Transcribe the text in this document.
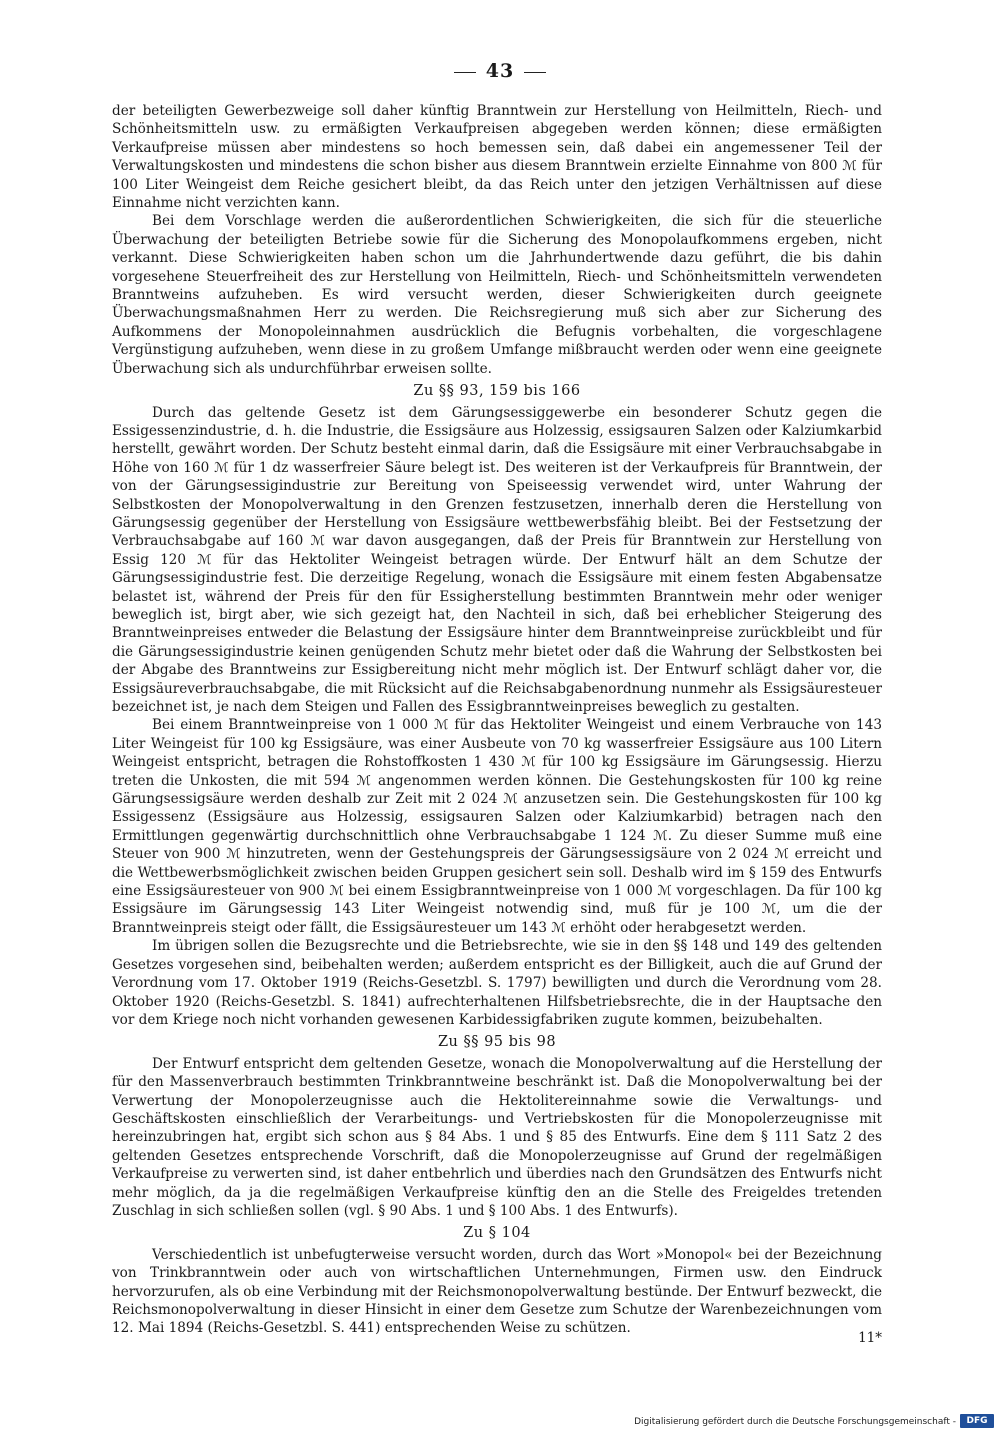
43

der beteiligten Gewerbezweige soll daher künftig Branntwein zur Herstellung von Heilmitteln, Riech- und Schönheitsmitteln usw. zu ermäßigten Verkaufpreisen abgegeben werden können; diese ermäßigten Verkaufpreise müssen aber mindestens so hoch bemessen sein, daß dabei ein angemessener Teil der Verwaltungskosten und mindestens die schon bisher aus diesem Branntwein erzielte Einnahme von 800 ℳ für 100 Liter Weingeist dem Reiche gesichert bleibt, da das Reich unter den jetzigen Verhältnissen auf diese Einnahme nicht verzichten kann.

Bei dem Vorschlage werden die außerordentlichen Schwierigkeiten, die sich für die steuerliche Überwachung der beteiligten Betriebe sowie für die Sicherung des Monopolaufkommens ergeben, nicht verkannt. Diese Schwierigkeiten haben schon um die Jahrhundertwende dazu geführt, die bis dahin vorgesehene Steuerfreiheit des zur Herstellung von Heilmitteln, Riech- und Schönheitsmitteln verwendeten Branntweins aufzuheben. Es wird versucht werden, dieser Schwierigkeiten durch geeignete Überwachungsmaßnahmen Herr zu werden. Die Reichsregierung muß sich aber zur Sicherung des Aufkommens der Monopoleinnahmen ausdrücklich die Befugnis vorbehalten, die vorgeschlagene Vergünstigung aufzuheben, wenn diese in zu großem Umfange mißbraucht werden oder wenn eine geeignete Überwachung sich als undurchführbar erweisen sollte.

Zu §§ 93, 159 bis 166

Durch das geltende Gesetz ist dem Gärungsessiggewerbe ein besonderer Schutz gegen die Essigessenzindustrie, d. h. die Industrie, die Essigsäure aus Holzessig, essigsauren Salzen oder Kalziumkarbid herstellt, gewährt worden. Der Schutz besteht einmal darin, daß die Essigsäure mit einer Verbrauchsabgabe in Höhe von 160 ℳ für 1 dz wasserfreier Säure belegt ist. Des weiteren ist der Verkaufpreis für Branntwein, der von der Gärungsessigindustrie zur Bereitung von Speiseessig verwendet wird, unter Wahrung der Selbstkosten der Monopolverwaltung in den Grenzen festzusetzen, innerhalb deren die Herstellung von Gärungsessig gegenüber der Herstellung von Essigsäure wettbewerbsfähig bleibt. Bei der Festsetzung der Verbrauchsabgabe auf 160 ℳ war davon ausgegangen, daß der Preis für Branntwein zur Herstellung von Essig 120 ℳ für das Hektoliter Weingeist betragen würde. Der Entwurf hält an dem Schutze der Gärungsessigindustrie fest. Die derzeitige Regelung, wonach die Essigsäure mit einem festen Abgabensatze belastet ist, während der Preis für den für Essigherstellung bestimmten Branntwein mehr oder weniger beweglich ist, birgt aber, wie sich gezeigt hat, den Nachteil in sich, daß bei erheblicher Steigerung des Branntweinpreises entweder die Belastung der Essigsäure hinter dem Branntweinpreise zurückbleibt und für die Gärungsessigindustrie keinen genügenden Schutz mehr bietet oder daß die Wahrung der Selbstkosten bei der Abgabe des Branntweins zur Essigbereitung nicht mehr möglich ist. Der Entwurf schlägt daher vor, die Essigsäureverbrauchsabgabe, die mit Rücksicht auf die Reichsabgabenordnung nunmehr als Essigsäuresteuer bezeichnet ist, je nach dem Steigen und Fallen des Essigbranntweinpreises beweglich zu gestalten.

Bei einem Branntweinpreise von 1 000 ℳ für das Hektoliter Weingeist und einem Verbrauche von 143 Liter Weingeist für 100 kg Essigsäure, was einer Ausbeute von 70 kg wasserfreier Essigsäure aus 100 Litern Weingeist entspricht, betragen die Rohstoffkosten 1 430 ℳ für 100 kg Essigsäure im Gärungsessig. Hierzu treten die Unkosten, die mit 594 ℳ angenommen werden können. Die Gestehungskosten für 100 kg reine Gärungsessigsäure werden deshalb zur Zeit mit 2 024 ℳ anzusetzen sein. Die Gestehungskosten für 100 kg Essigessenz (Essigsäure aus Holzessig, essigsauren Salzen oder Kalziumkarbid) betragen nach den Ermittlungen gegenwärtig durchschnittlich ohne Verbrauchsabgabe 1 124 ℳ. Zu dieser Summe muß eine Steuer von 900 ℳ hinzutreten, wenn der Gestehungspreis der Gärungsessigsäure von 2 024 ℳ erreicht und die Wettbewerbsmöglichkeit zwischen beiden Gruppen gesichert sein soll. Deshalb wird im § 159 des Entwurfs eine Essigsäuresteuer von 900 ℳ bei einem Essigbranntweinpreise von 1 000 ℳ vorgeschlagen. Da für 100 kg Essigsäure im Gärungsessig 143 Liter Weingeist notwendig sind, muß für je 100 ℳ, um die der Branntweinpreis steigt oder fällt, die Essigsäuresteuer um 143 ℳ erhöht oder herabgesetzt werden.

Im übrigen sollen die Bezugsrechte und die Betriebsrechte, wie sie in den §§ 148 und 149 des geltenden Gesetzes vorgesehen sind, beibehalten werden; außerdem entspricht es der Billigkeit, auch die auf Grund der Verordnung vom 17. Oktober 1919 (Reichs-Gesetzbl. S. 1797) bewilligten und durch die Verordnung vom 28. Oktober 1920 (Reichs-Gesetzbl. S. 1841) aufrechterhaltenen Hilfsbetriebsrechte, die in der Hauptsache den vor dem Kriege noch nicht vorhanden gewesenen Karbidessigfabriken zugute kommen, beizubehalten.

Zu §§ 95 bis 98

Der Entwurf entspricht dem geltenden Gesetze, wonach die Monopolverwaltung auf die Herstellung der für den Massenverbrauch bestimmten Trinkbranntweine beschränkt ist. Daß die Monopolverwaltung bei der Verwertung der Monopolerzeugnisse auch die Hektolitereinnahme sowie die Verwaltungs- und Geschäftskosten einschließlich der Verarbeitungs- und Vertriebskosten für die Monopolerzeugnisse mit hereinzubringen hat, ergibt sich schon aus § 84 Abs. 1 und § 85 des Entwurfs. Eine dem § 111 Satz 2 des geltenden Gesetzes entsprechende Vorschrift, daß die Monopolerzeugnisse auf Grund der regelmäßigen Verkaufpreise zu verwerten sind, ist daher entbehrlich und überdies nach den Grundsätzen des Entwurfs nicht mehr möglich, da ja die regelmäßigen Verkaufpreise künftig den an die Stelle des Freigeldes tretenden Zuschlag in sich schließen sollen (vgl. § 90 Abs. 1 und § 100 Abs. 1 des Entwurfs).

Zu § 104

Verschiedentlich ist unbefugterweise versucht worden, durch das Wort »Monopol« bei der Bezeichnung von Trinkbranntwein oder auch von wirtschaftlichen Unternehmungen, Firmen usw. den Eindruck hervorzurufen, als ob eine Verbindung mit der Reichsmonopolverwaltung bestünde. Der Entwurf bezweckt, die Reichsmonopolverwaltung in dieser Hinsicht in einer dem Gesetze zum Schutze der Warenbezeichnungen vom 12. Mai 1894 (Reichs-Gesetzbl. S. 441) entsprechenden Weise zu schützen.

11*
Digitalisierung gefördert durch die Deutsche Forschungsgemeinschaft -	DFG
